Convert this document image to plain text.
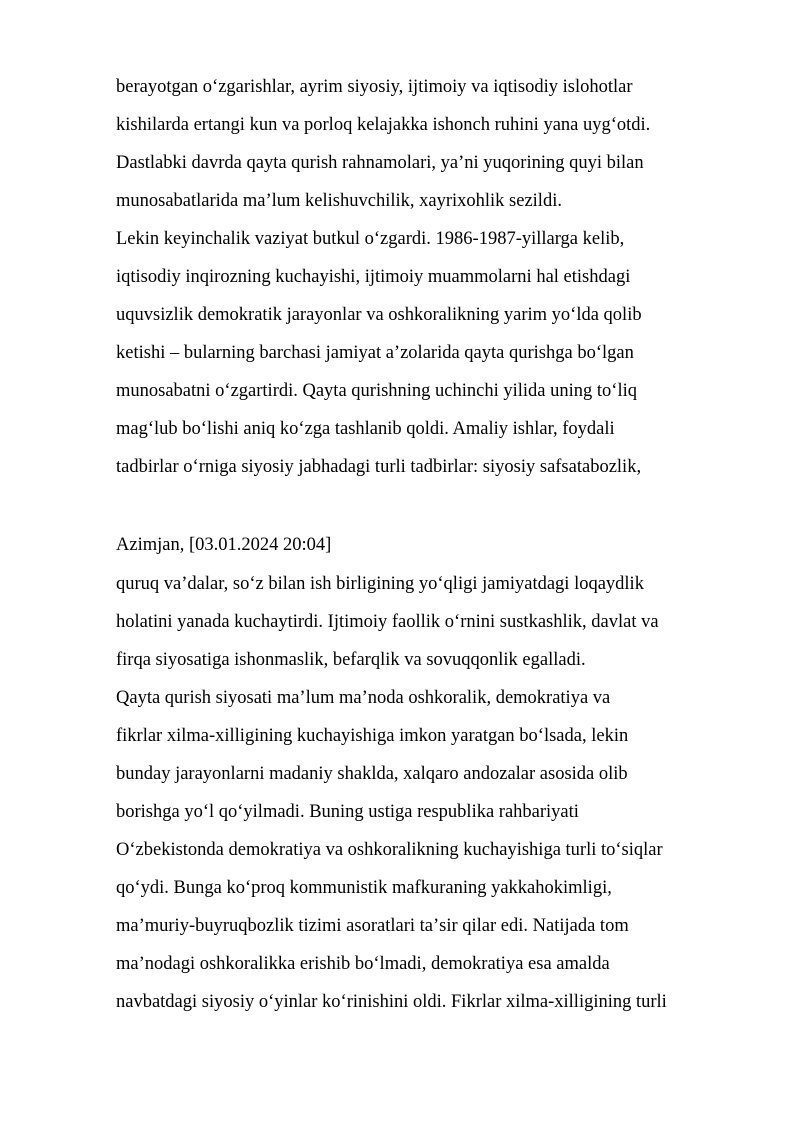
berayotgan oʻzgarishlar, ayrim siyosiy, ijtimoiy va iqtisodiy islohotlar
kishilarda ertangi kun va porloq kelajakka ishonch ruhini yana uygʻotdi.
Dastlabki davrda qayta qurish rahnamolari, yaʼni yuqorining quyi bilan
munosabatlarida maʼlum kelishuvchilik, xayrixohlik sezildi.
Lekin keyinchalik vaziyat butkul oʻzgardi. 1986-1987-yillarga kelib,
iqtisodiy inqirozning kuchayishi, ijtimoiy muammolarni hal etishdagi
uquvsizlik demokratik jarayonlar va oshkoralikning yarim yoʻlda qolib
ketishi – bularning barchasi jamiyat aʼzolarida qayta qurishga boʻlgan
munosabatni oʻzgartirdi. Qayta qurishning uchinchi yilida uning toʻliq
magʻlub boʻlishi aniq koʻzga tashlanib qoldi. Amaliy ishlar, foydali
tadbirlar oʻrniga siyosiy jabhadagi turli tadbirlar: siyosiy safsatabozlik,
Azimjan, [03.01.2024 20:04]
quruq vaʼdalar, soʻz bilan ish birligining yoʻqligi jamiyatdagi loqaydlik
holatini yanada kuchaytirdi. Ijtimoiy faollik oʻrnini sustkashlik, davlat va
firqa siyosatiga ishonmaslik, befarqlik va sovuqqonlik egalladi.
Qayta qurish siyosati maʼlum maʼnoda oshkoralik, demokratiya va
fikrlar xilma-xilligining kuchayishiga imkon yaratgan boʻlsada, lekin
bunday jarayonlarni madaniy shaklda, xalqaro andozalar asosida olib
borishga yoʻl qoʻyilmadi. Buning ustiga respublika rahbariyati
Oʻzbekistonda demokratiya va oshkoralikning kuchayishiga turli toʻsiqlar
qoʻydi. Bunga koʻproq kommunistik mafkuraning yakkahokimligi,
maʼmuriy-buyruqbozlik tizimi asoratlari taʼsir qilar edi. Natijada tom
maʼnodagi oshkoralikka erishib boʻlmadi, demokratiya esa amalda
navbatdagi siyosiy oʻyinlar koʻrinishini oldi. Fikrlar xilma-xilligining turli
